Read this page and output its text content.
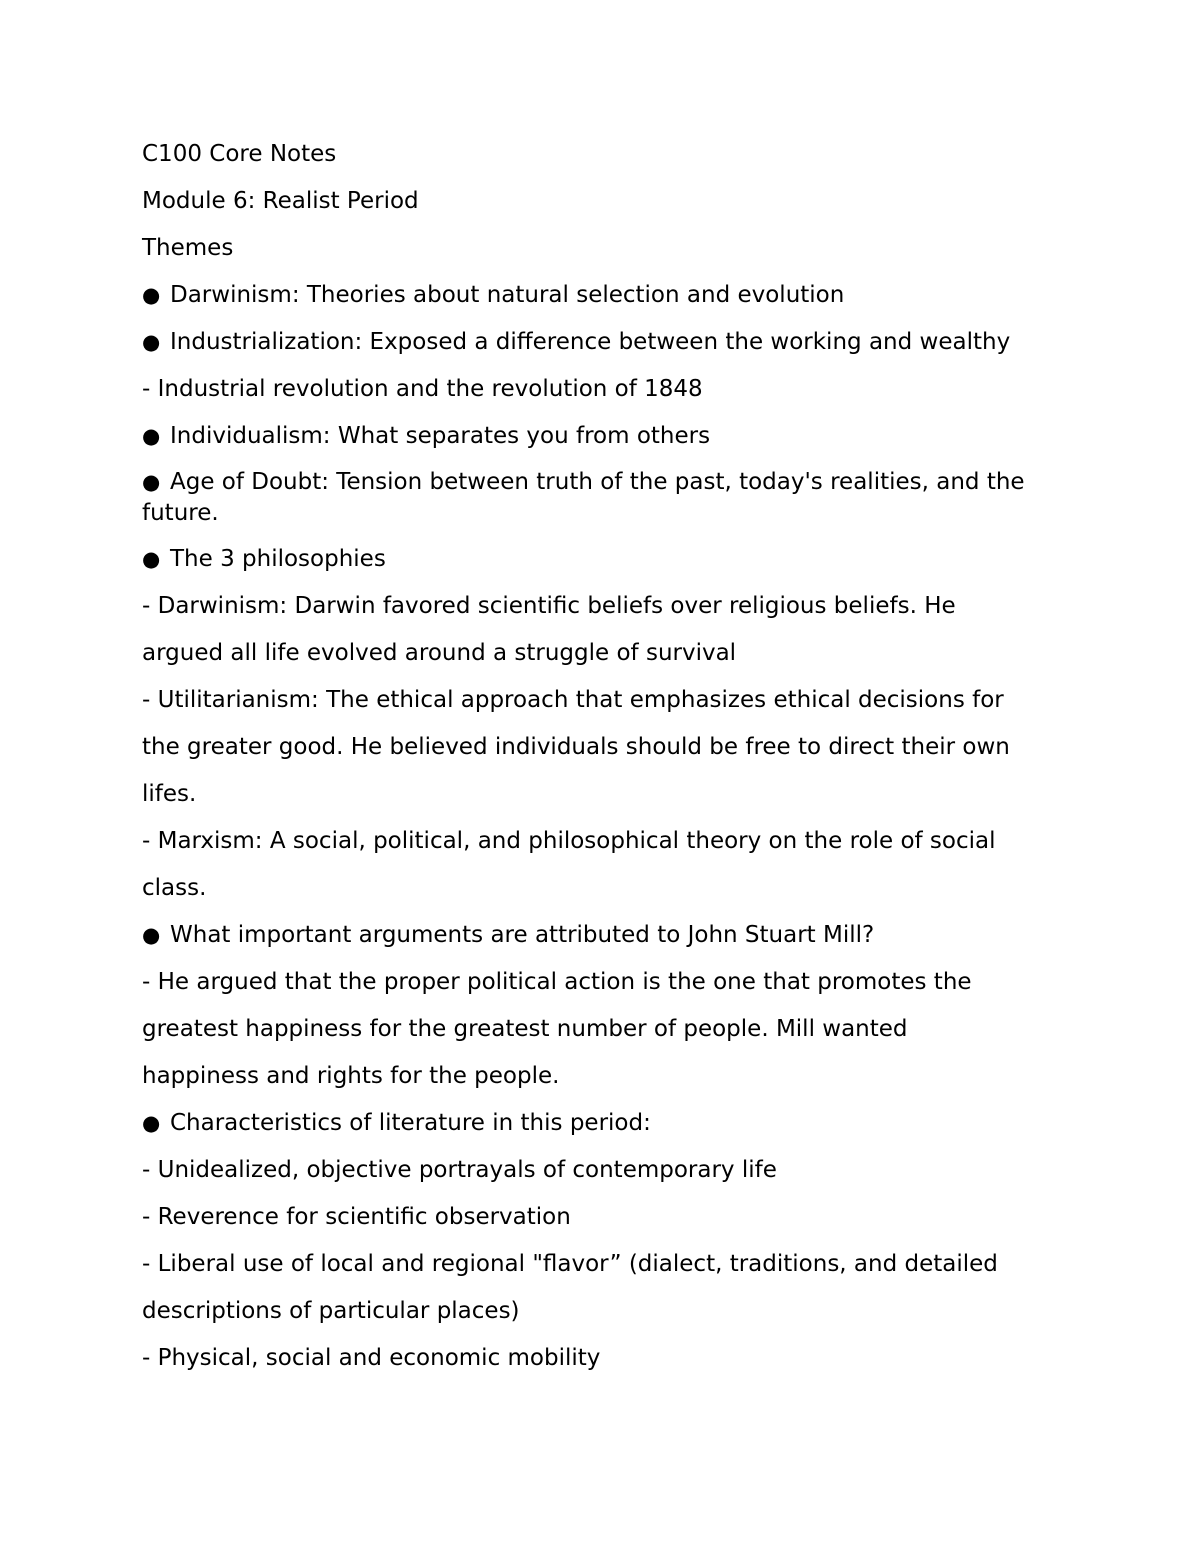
C100 Core Notes

Module 6: Realist Period

Themes

● Darwinism: Theories about natural selection and evolution

● Industrialization: Exposed a difference between the working and wealthy

- Industrial revolution and the revolution of 1848

● Individualism: What separates you from others

● Age of Doubt: Tension between truth of the past, today's realities, and the future.

● The 3 philosophies

- Darwinism: Darwin favored scientific beliefs over religious beliefs. He

argued all life evolved around a struggle of survival

- Utilitarianism: The ethical approach that emphasizes ethical decisions for

the greater good. He believed individuals should be free to direct their own

lifes.

- Marxism: A social, political, and philosophical theory on the role of social

class.

● What important arguments are attributed to John Stuart Mill?

- He argued that the proper political action is the one that promotes the

greatest happiness for the greatest number of people. Mill wanted

happiness and rights for the people.

● Characteristics of literature in this period:

- Unidealized, objective portrayals of contemporary life

- Reverence for scientific observation

- Liberal use of local and regional "flavor” (dialect, traditions, and detailed

descriptions of particular places)

- Physical, social and economic mobility
